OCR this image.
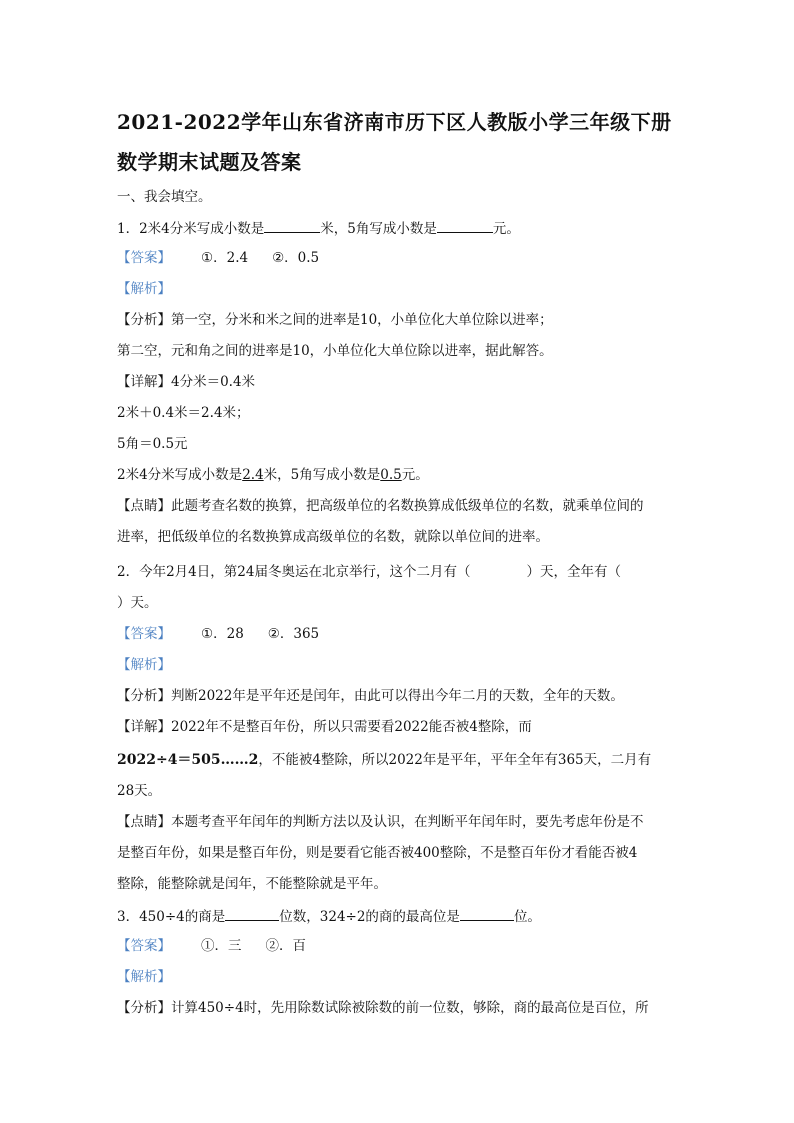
2021-2022学年山东省济南市历下区人教版小学三年级下册
数学期末试题及答案
一、我会填空。
1．2米4分米写成小数是	米，5角写成小数是	元。
【答案】 ①．2.4 ②．0.5
【解析】
【分析】第一空，分米和米之间的进率是10，小单位化大单位除以进率；
第二空，元和角之间的进率是10，小单位化大单位除以进率，据此解答。
【详解】4分米＝0.4米
2米＋0.4米＝2.4米；
5角＝0.5元
2米4分米写成小数是2.4米，5角写成小数是0.5元。
【点睛】此题考查名数的换算，把高级单位的名数换算成低级单位的名数，就乘单位间的
进率，把低级单位的名数换算成高级单位的名数，就除以单位间的进率。
2．今年2月4日，第24届冬奥运在北京举行，这个二月有（	）天，全年有（
）天。
【答案】 ①．28 ②．365
【解析】
【分析】判断2022年是平年还是闰年，由此可以得出今年二月的天数，全年的天数。
【详解】2022年不是整百年份，所以只需要看2022能否被4整除，而
2022÷4＝505……2，不能被4整除，所以2022年是平年，平年全年有365天，二月有
28天。
【点睛】本题考查平年闰年的判断方法以及认识，在判断平年闰年时，要先考虑年份是不
是整百年份，如果是整百年份，则是要看它能否被400整除，不是整百年份才看能否被4
整除，能整除就是闰年，不能整除就是平年。
3．450÷4的商是	位数，324÷2的商的最高位是	位。
【答案】 ①．三 ②．百
【解析】
【分析】计算450÷4时，先用除数试除被除数的前一位数，够除，商的最高位是百位，所
